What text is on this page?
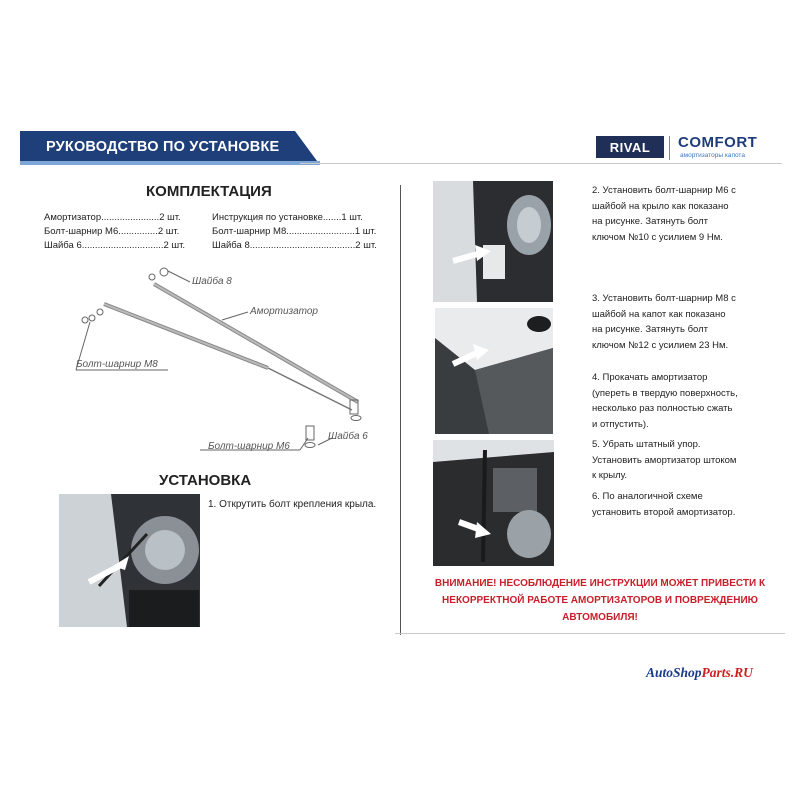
РУКОВОДСТВО ПО УСТАНОВКЕ	RIVAL COMFORT
амортизаторы капота
КОМПЛЕКТАЦИЯ
Амортизатор......................2 шт.
Болт-шарнир М6...............2 шт.
Шайба 6...............................2 шт.
Инструкция по установке.......1 шт.
Болт-шарнир М8..........................1 шт.
Шайба 8........................................2 шт.
Шайба 8
Амортизатор
Болт-шарнир М8
Болт-шарнир М6
Шайба 6
УСТАНОВКА
1. Открутить болт крепления крыла.
2. Установить болт-шарнир М6 с
шайбой на крыло как показано
на рисунке. Затянуть болт
ключом №10 с усилием 9 Нм.
3. Установить болт-шарнир М8 с
шайбой на капот как показано
на рисунке. Затянуть болт
ключом №12 с усилием 23 Нм.
4. Прокачать амортизатор
(упереть в твердую поверхность,
несколько раз полностью сжать
и отпустить).
5. Убрать штатный упор.
Установить амортизатор штоком
к крылу.
6. По аналогичной схеме
установить второй амортизатор.
ВНИМАНИЕ! НЕСОБЛЮДЕНИЕ ИНСТРУКЦИИ МОЖЕТ ПРИВЕСТИ К
НЕКОРРЕКТНОЙ РАБОТЕ АМОРТИЗАТОРОВ И ПОВРЕЖДЕНИЮ
АВТОМОБИЛЯ!
AutoShopParts.RU
